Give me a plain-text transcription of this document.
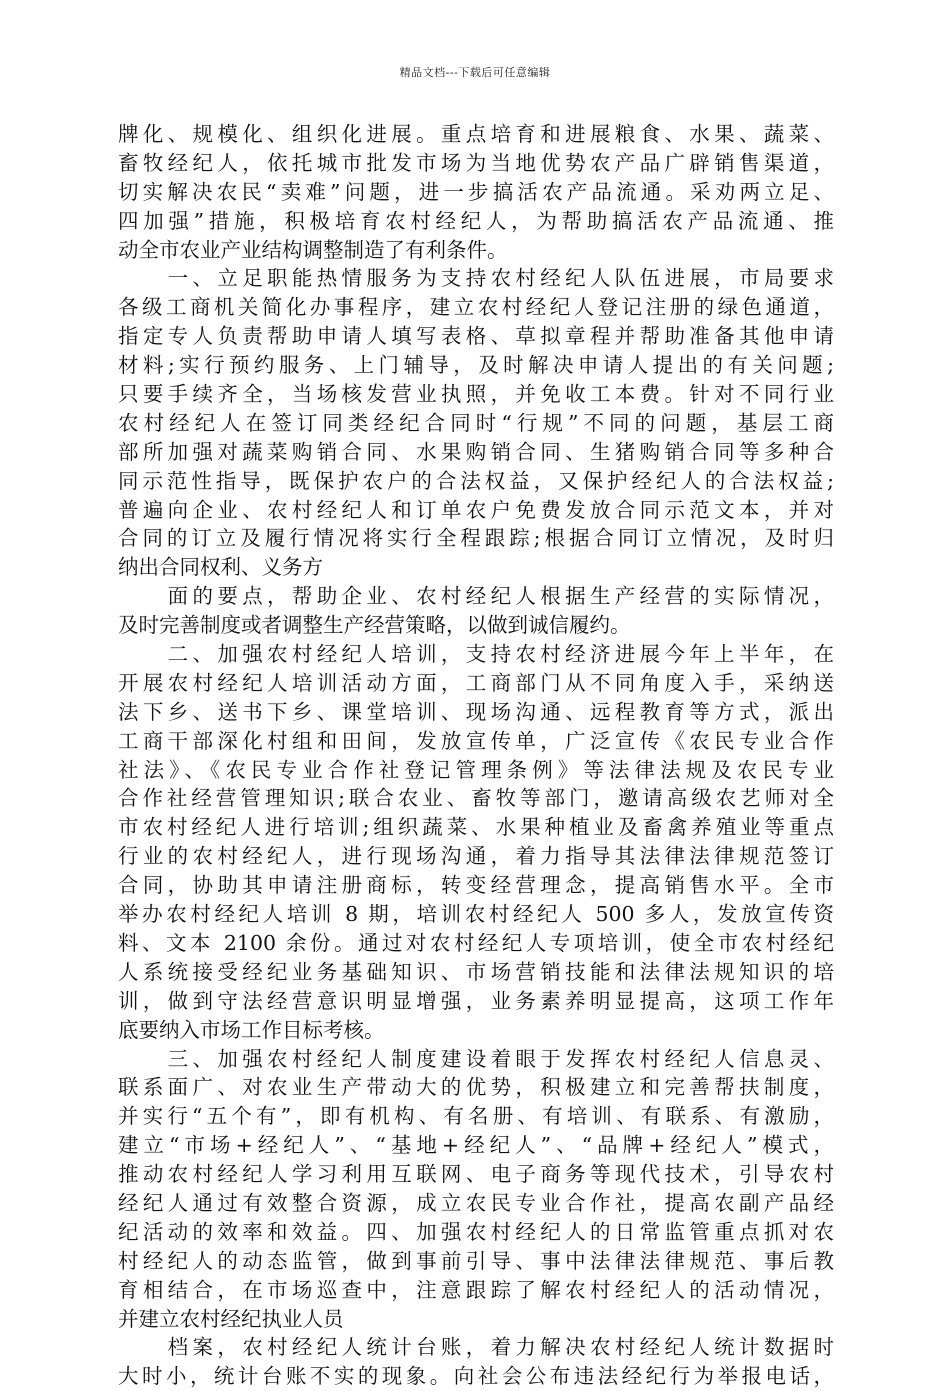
精品文档---下载后可任意编辑
牌化、规模化、组织化进展。重点培育和进展粮食、水果、蔬菜、
畜牧经纪人，依托城市批发市场为当地优势农产品广辟销售渠道，
切实解决农民“卖难”问题，进一步搞活农产品流通。采劝两立足、
四加强”措施，积极培育农村经纪人，为帮助搞活农产品流通、推
动全市农业产业结构调整制造了有利条件。
　　一、立足职能热情服务为支持农村经纪人队伍进展，市局要求
各级工商机关简化办事程序，建立农村经纪人登记注册的绿色通道，
指定专人负责帮助申请人填写表格、草拟章程并帮助准备其他申请
材料;实行预约服务、上门辅导，及时解决申请人提出的有关问题;
只要手续齐全，当场核发营业执照，并免收工本费。针对不同行业
农村经纪人在签订同类经纪合同时“行规”不同的问题，基层工商
部所加强对蔬菜购销合同、水果购销合同、生猪购销合同等多种合
同示范性指导，既保护农户的合法权益，又保护经纪人的合法权益;
普遍向企业、农村经纪人和订单农户免费发放合同示范文本，并对
合同的订立及履行情况将实行全程跟踪;根据合同订立情况，及时归
纳出合同权利、义务方
　　面的要点，帮助企业、农村经纪人根据生产经营的实际情况，
及时完善制度或者调整生产经营策略，以做到诚信履约。
　　二、加强农村经纪人培训，支持农村经济进展今年上半年，在
开展农村经纪人培训活动方面，工商部门从不同角度入手，采纳送
法下乡、送书下乡、课堂培训、现场沟通、远程教育等方式，派出
工商干部深化村组和田间，发放宣传单，广泛宣传《农民专业合作
社法》、《农民专业合作社登记管理条例》等法律法规及农民专业
合作社经营管理知识;联合农业、畜牧等部门，邀请高级农艺师对全
市农村经纪人进行培训;组织蔬菜、水果种植业及畜禽养殖业等重点
行业的农村经纪人，进行现场沟通，着力指导其法律法律规范签订
合同，协助其申请注册商标，转变经营理念，提高销售水平。全市
举办农村经纪人培训 8 期，培训农村经纪人 500 多人，发放宣传资
料、文本 2100 余份。通过对农村经纪人专项培训，使全市农村经纪
人系统接受经纪业务基础知识、市场营销技能和法律法规知识的培
训，做到守法经营意识明显增强，业务素养明显提高，这项工作年
底要纳入市场工作目标考核。
　　三、加强农村经纪人制度建设着眼于发挥农村经纪人信息灵、
联系面广、对农业生产带动大的优势，积极建立和完善帮扶制度，
并实行“五个有”，即有机构、有名册、有培训、有联系、有激励，
建立“市场+经纪人”、“基地+经纪人”、“品牌+经纪人”模式，
推动农村经纪人学习利用互联网、电子商务等现代技术，引导农村
经纪人通过有效整合资源，成立农民专业合作社，提高农副产品经
纪活动的效率和效益。四、加强农村经纪人的日常监管重点抓对农
村经纪人的动态监管，做到事前引导、事中法律法律规范、事后教
育相结合，在市场巡查中，注意跟踪了解农村经纪人的活动情况，
并建立农村经纪执业人员
　　档案，农村经纪人统计台账，着力解决农村经纪人统计数据时
大时小，统计台账不实的现象。向社会公布违法经纪行为举报电话，
